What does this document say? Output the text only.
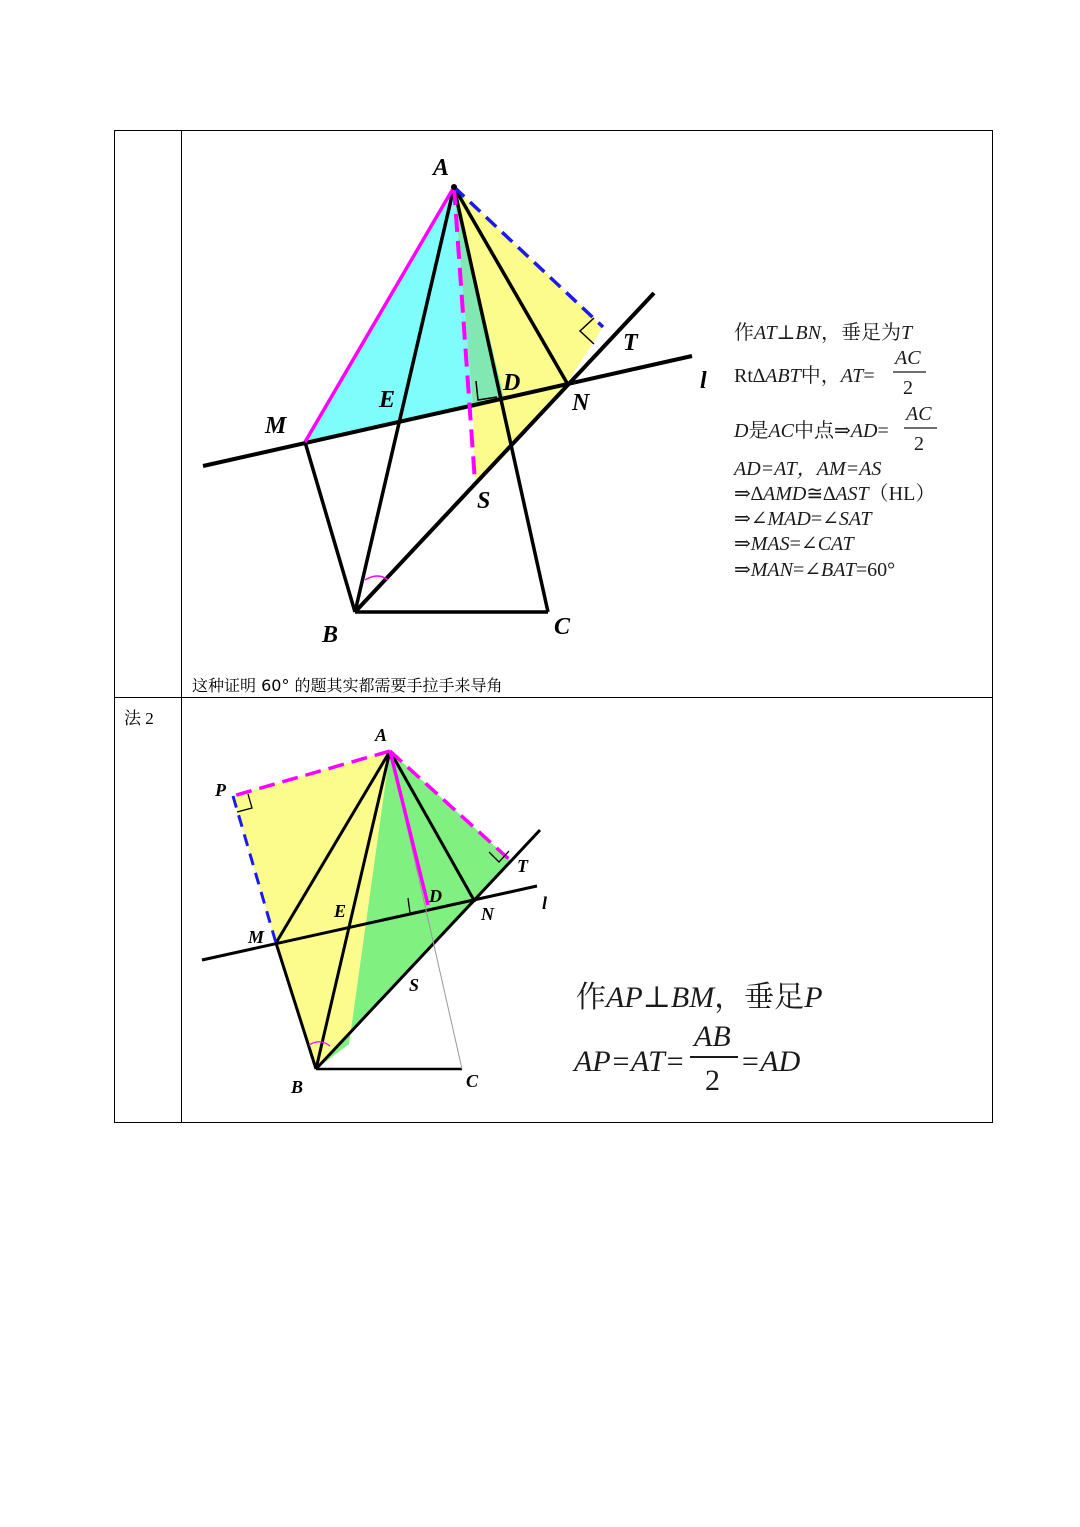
法 2
这种证明 60° 的题其实都需要手拉手来导角
A
B	C
D
E
M
N
S
T
l
作AT⊥BN，垂足为T
Rt∆ABT中，AT=
AC
2
D是AC中点⇒AD=
AC
2
AD=AT，AM=AS
⇒∆AMD≅∆AST（HL）
⇒∠MAD=∠SAT
⇒MAS=∠CAT
⇒MAN=∠BAT=60°
A
B	C
D
E
M
N
S
T
P
l
作AP⊥BM，垂足P
AP=AT=
AB
2
=AD
